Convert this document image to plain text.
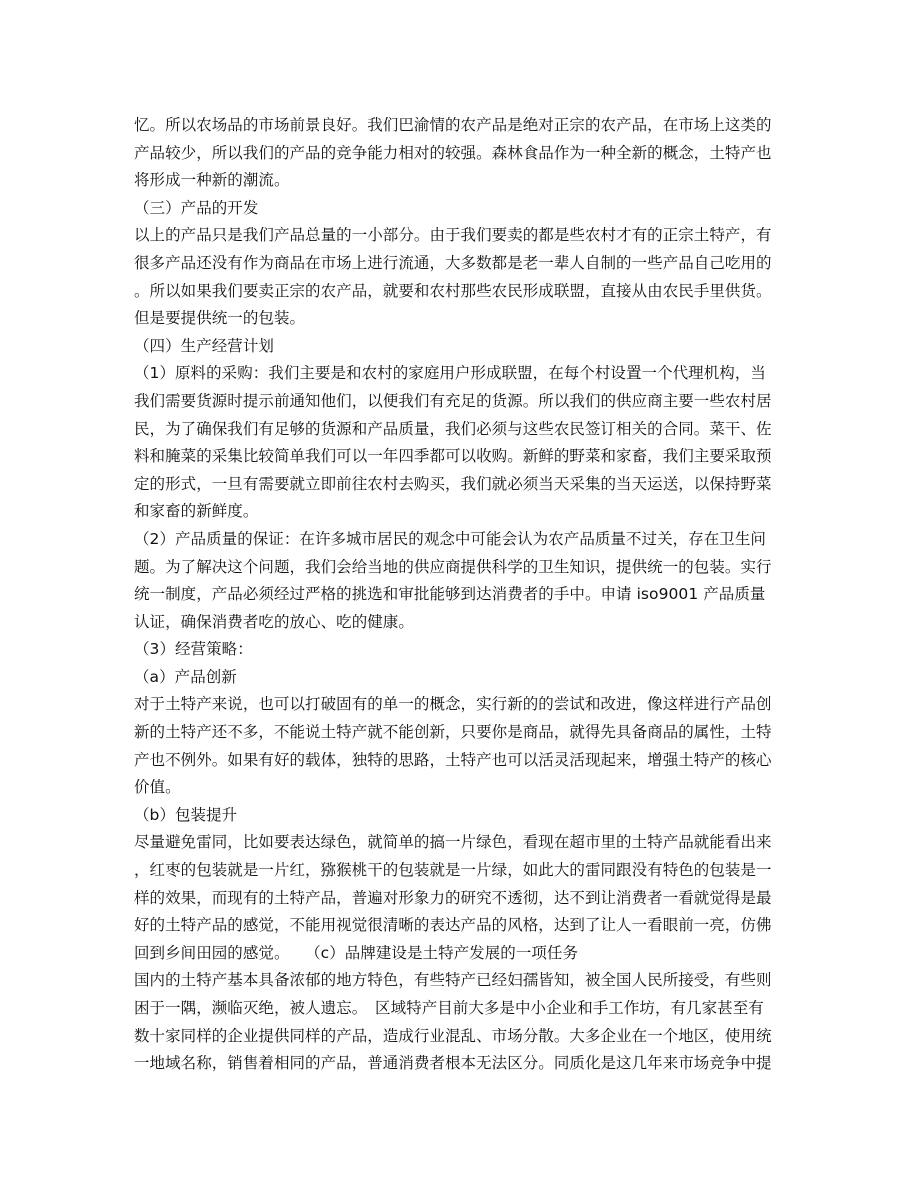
忆。所以农场品的市场前景良好。我们巴渝情的农产品是绝对正宗的农产品，在市场上这类的
产品较少，所以我们的产品的竞争能力相对的较强。森林食品作为一种全新的概念，土特产也
将形成一种新的潮流。
（三）产品的开发
以上的产品只是我们产品总量的一小部分。由于我们要卖的都是些农村才有的正宗土特产，有
很多产品还没有作为商品在市场上进行流通，大多数都是老一辈人自制的一些产品自己吃用的
。所以如果我们要卖正宗的农产品，就要和农村那些农民形成联盟，直接从由农民手里供货。
但是要提供统一的包装。
（四）生产经营计划
（1）原料的采购：我们主要是和农村的家庭用户形成联盟，在每个村设置一个代理机构，当
我们需要货源时提示前通知他们，以便我们有充足的货源。所以我们的供应商主要一些农村居
民，为了确保我们有足够的货源和产品质量，我们必须与这些农民签订相关的合同。菜干、佐
料和腌菜的采集比较简单我们可以一年四季都可以收购。新鲜的野菜和家畜，我们主要采取预
定的形式，一旦有需要就立即前往农村去购买，我们就必须当天采集的当天运送，以保持野菜
和家畜的新鲜度。
（2）产品质量的保证：在许多城市居民的观念中可能会认为农产品质量不过关，存在卫生问
题。为了解决这个问题，我们会给当地的供应商提供科学的卫生知识，提供统一的包装。实行
统一制度，产品必须经过严格的挑选和审批能够到达消费者的手中。申请 iso9001 产品质量
认证，确保消费者吃的放心、吃的健康。
（3）经营策略：
（a）产品创新
对于土特产来说，也可以打破固有的单一的概念，实行新的的尝试和改进，像这样进行产品创
新的土特产还不多，不能说土特产就不能创新，只要你是商品，就得先具备商品的属性，土特
产也不例外。如果有好的载体，独特的思路，土特产也可以活灵活现起来，增强土特产的核心
价值。
（b）包装提升
尽量避免雷同，比如要表达绿色，就简单的搞一片绿色，看现在超市里的土特产品就能看出来
，红枣的包装就是一片红，猕猴桃干的包装就是一片绿，如此大的雷同跟没有特色的包装是一
样的效果，而现有的土特产品，普遍对形象力的研究不透彻，达不到让消费者一看就觉得是最
好的土特产品的感觉，不能用视觉很清晰的表达产品的风格，达到了让人一看眼前一亮，仿佛
回到乡间田园的感觉。　　（c）品牌建设是土特产发展的一项任务
国内的土特产基本具备浓郁的地方特色，有些特产已经妇孺皆知，被全国人民所接受，有些则
困于一隅，濒临灭绝，被人遗忘。　区域特产目前大多是中小企业和手工作坊，有几家甚至有
数十家同样的企业提供同样的产品，造成行业混乱、市场分散。大多企业在一个地区，使用统
一地域名称，销售着相同的产品，普通消费者根本无法区分。同质化是这几年来市场竞争中提
